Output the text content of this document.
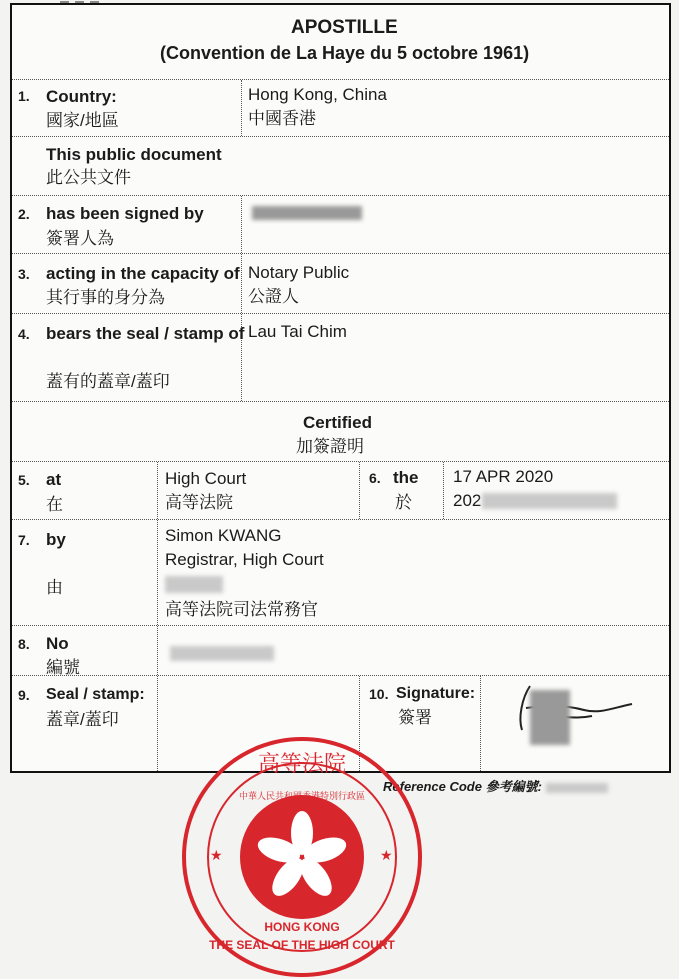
APOSTILLE
(Convention de La Haye du 5 octobre 1961)
1. Country:
國家/地區
Hong Kong, China
中國香港
This public document
此公共文件
2. has been signed by
簽署人為
3. acting in the capacity of
其行事的身分為
Notary Public
公證人
4. bears the seal / stamp of
蓋有的蓋章/蓋印
Lau Tai Chim
Certified
加簽證明
5. at
在
High Court
高等法院
6. the
於
17 APR 2020
202
7. by
由
Simon KWANG
Registrar, High Court
高等法院司法常務官
8. No
編號
9. Seal / stamp:
蓋章/蓋印
10. Signature:
簽署
Reference Code 參考編號:
高等法院
THE SEAL OF THE HIGH COURT
HONG KONG
中華人民共和國香港特別行政區
★	★
